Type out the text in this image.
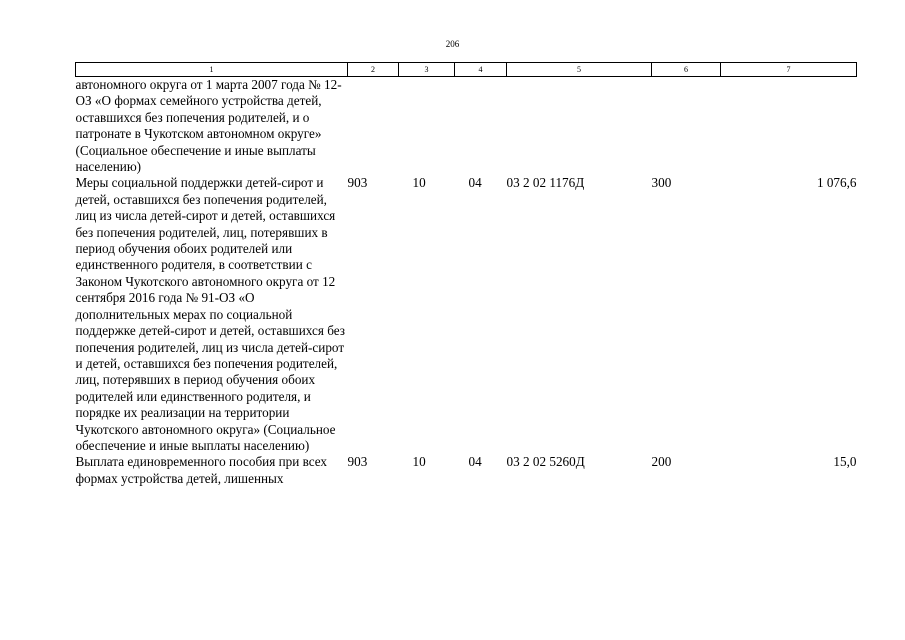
206
1	2	3	4	5	6	7
автономного округа от 1 марта 2007 года № 12-ОЗ «О формах семейного устройства детей, оставшихся без попечения родителей, и о патронате в Чукотском автономном округе» (Социальное обеспечение и иные выплаты населению)						
Меры социальной поддержки детей-сирот и детей, оставшихся без попечения родителей, лиц из числа детей-сирот и детей, оставшихся без попечения родителей, лиц, потерявших в период обучения обоих родителей или единственного родителя, в соответствии с Законом Чукотского автономного округа от 12 сентября 2016 года № 91-ОЗ «О дополнительных мерах по социальной поддержке детей-сирот и детей, оставшихся без попечения родителей, лиц из числа детей-сирот и детей, оставшихся без попечения родителей, лиц, потерявших в период обучения обоих родителей или единственного родителя, и порядке их реализации на территории Чукотского автономного округа» (Социальное обеспечение и иные выплаты населению)	903	10	04	03 2 02 1176Д	300	1 076,6
Выплата единовременного пособия при всех формах устройства детей, лишенных	903	10	04	03 2 02 5260Д	200	15,0
